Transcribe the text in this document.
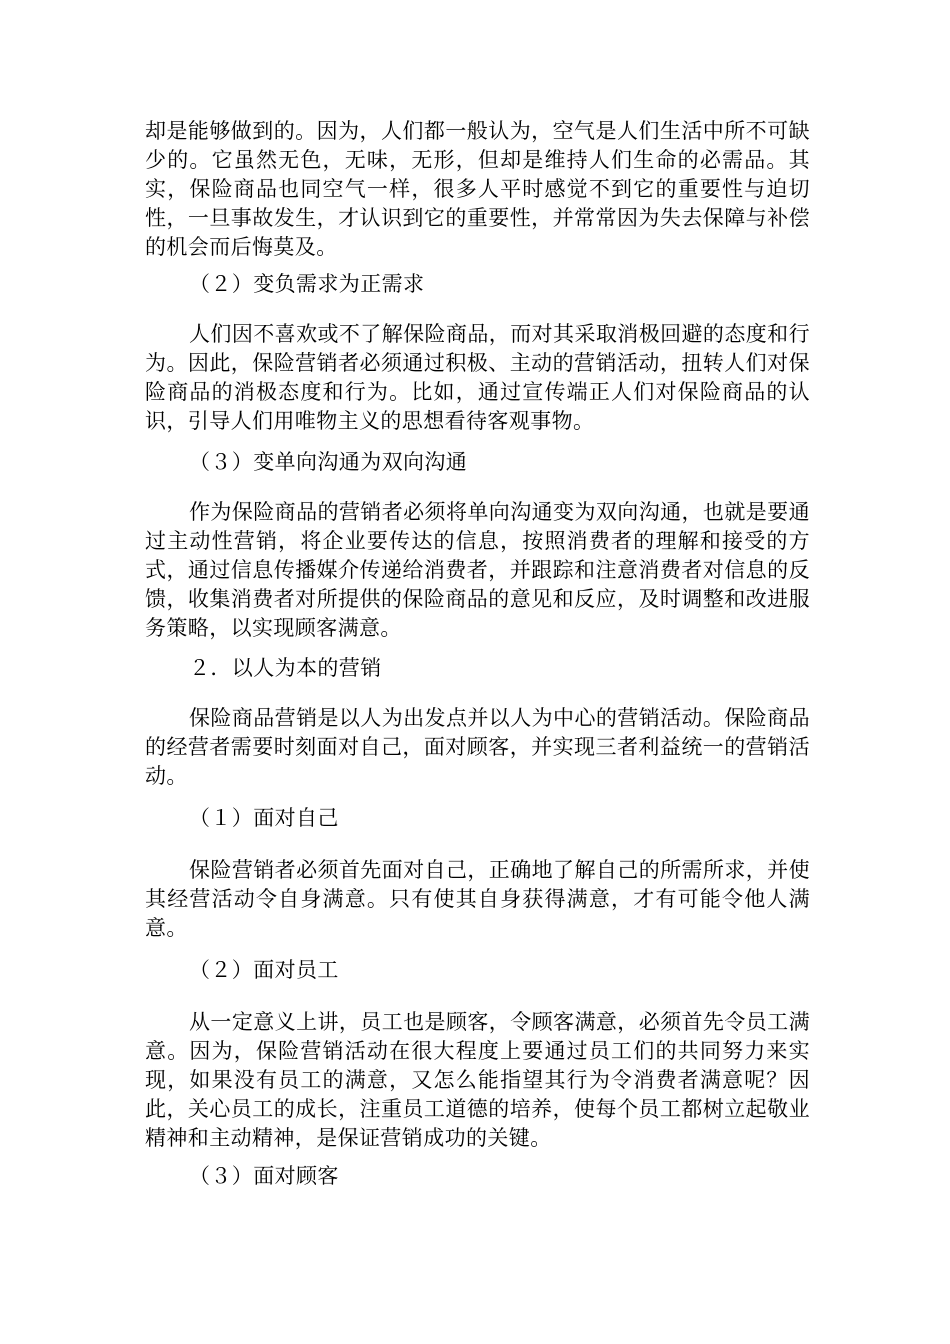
却是能够做到的。因为，人们都一般认为，空气是人们生活中所不可缺少的。它虽然无色，无味，无形，但却是维持人们生命的必需品。其实，保险商品也同空气一样，很多人平时感觉不到它的重要性与迫切性，一旦事故发生，才认识到它的重要性，并常常因为失去保障与补偿的机会而后悔莫及。

（２）变负需求为正需求

人们因不喜欢或不了解保险商品，而对其采取消极回避的态度和行为。因此，保险营销者必须通过积极、主动的营销活动，扭转人们对保险商品的消极态度和行为。比如，通过宣传端正人们对保险商品的认识，引导人们用唯物主义的思想看待客观事物。

（３）变单向沟通为双向沟通

作为保险商品的营销者必须将单向沟通变为双向沟通，也就是要通过主动性营销，将企业要传达的信息，按照消费者的理解和接受的方式，通过信息传播媒介传递给消费者，并跟踪和注意消费者对信息的反馈，收集消费者对所提供的保险商品的意见和反应，及时调整和改进服务策略，以实现顾客满意。

２．以人为本的营销

保险商品营销是以人为出发点并以人为中心的营销活动。保险商品的经营者需要时刻面对自己，面对顾客，并实现三者利益统一的营销活动。

（１）面对自己

保险营销者必须首先面对自己，正确地了解自己的所需所求，并使其经营活动令自身满意。只有使其自身获得满意，才有可能令他人满意。

（２）面对员工

从一定意义上讲，员工也是顾客，令顾客满意，必须首先令员工满意。因为，保险营销活动在很大程度上要通过员工们的共同努力来实现，如果没有员工的满意，又怎么能指望其行为令消费者满意呢？因此，关心员工的成长，注重员工道德的培养，使每个员工都树立起敬业精神和主动精神，是保证营销成功的关键。

（３）面对顾客
